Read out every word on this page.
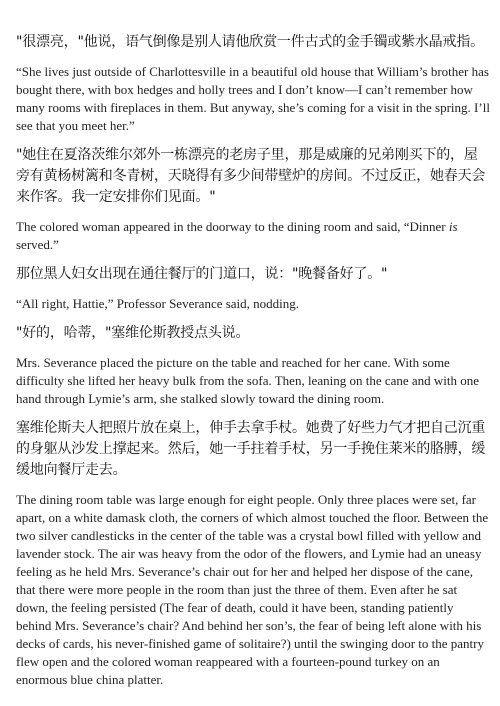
"很漂亮，"他说，语气倒像是别人请他欣赏一件古式的金手镯或紫水晶戒指。

“She lives just outside of Charlottesville in a beautiful old house that William’s brother has bought there, with box hedges and holly trees and I don’t know—I can’t remember how many rooms with fireplaces in them. But anyway, she’s coming for a visit in the spring. I’ll see that you meet her.”

"她住在夏洛茨维尔郊外一栋漂亮的老房子里，那是威廉的兄弟刚买下的，屋旁有黄杨树篱和冬青树，天晓得有多少间带壁炉的房间。不过反正，她春天会来作客。我一定安排你们见面。"

The colored woman appeared in the doorway to the dining room and said, “Dinner is served.”

那位黑人妇女出现在通往餐厅的门道口，说："晚餐备好了。"

“All right, Hattie,” Professor Severance said, nodding.

"好的，哈蒂，"塞维伦斯教授点头说。

Mrs. Severance placed the picture on the table and reached for her cane. With some difficulty she lifted her heavy bulk from the sofa. Then, leaning on the cane and with one hand through Lymie’s arm, she stalked slowly toward the dining room.

塞维伦斯夫人把照片放在桌上，伸手去拿手杖。她费了好些力气才把自己沉重的身躯从沙发上撑起来。然后，她一手拄着手杖，另一手挽住莱米的胳膊，缓缓地向餐厅走去。

The dining room table was large enough for eight people. Only three places were set, far apart, on a white damask cloth, the corners of which almost touched the floor. Between the two silver candlesticks in the center of the table was a crystal bowl filled with yellow and lavender stock. The air was heavy from the odor of the flowers, and Lymie had an uneasy feeling as he held Mrs. Severance’s chair out for her and helped her dispose of the cane, that there were more people in the room than just the three of them. Even after he sat down, the feeling persisted (The fear of death, could it have been, standing patiently behind Mrs. Severance’s chair? And behind her son’s, the fear of being left alone with his decks of cards, his never-finished game of solitaire?) until the swinging door to the pantry flew open and the colored woman reappeared with a fourteen-pound turkey on an enormous blue china platter.
